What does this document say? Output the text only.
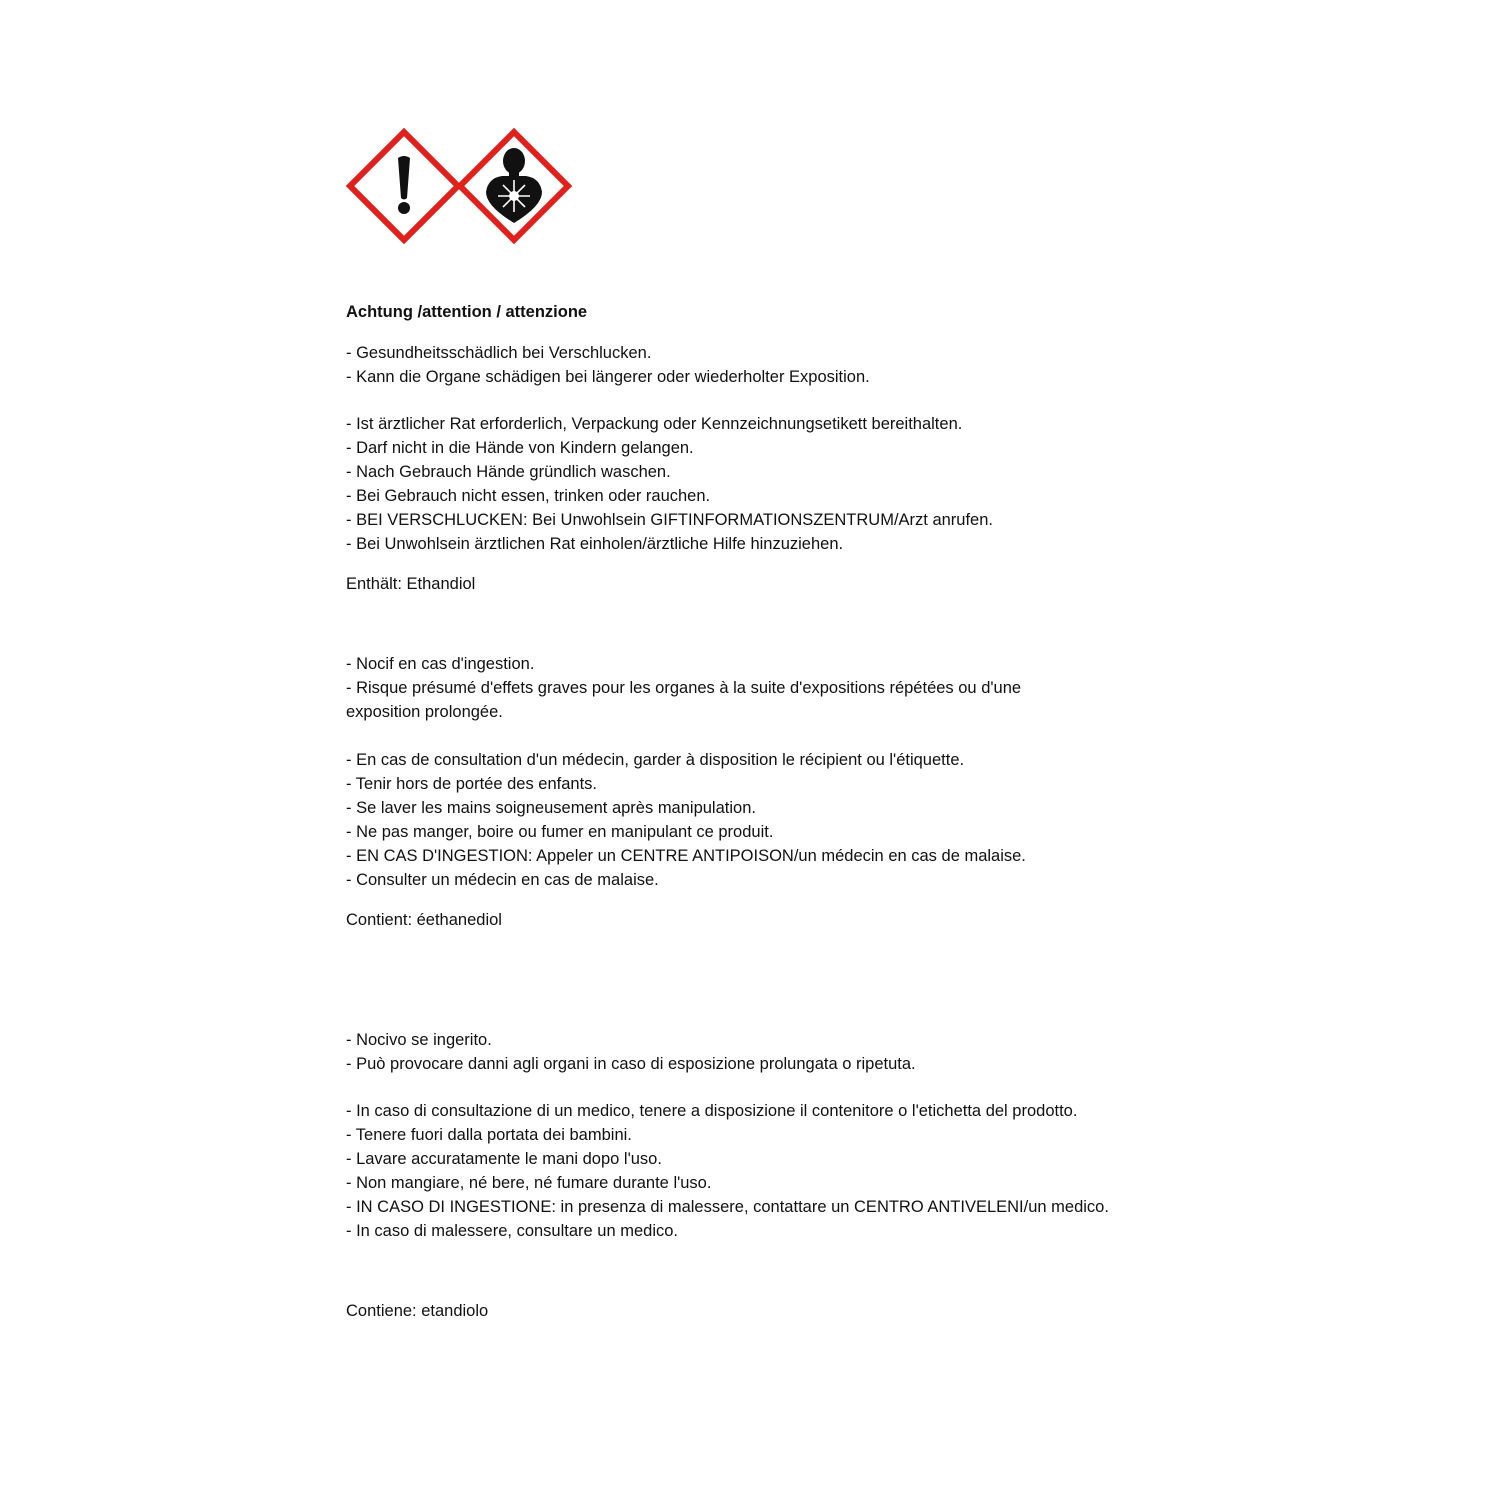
Achtung /attention / attenzione

- Gesundheitsschädlich bei Verschlucken.

- Kann die Organe schädigen bei längerer oder wiederholter Exposition.

- Ist ärztlicher Rat erforderlich, Verpackung oder Kennzeichnungsetikett bereithalten.

- Darf nicht in die Hände von Kindern gelangen.

- Nach Gebrauch Hände gründlich waschen.

- Bei Gebrauch nicht essen, trinken oder rauchen.

- BEI VERSCHLUCKEN: Bei Unwohlsein GIFTINFORMATIONSZENTRUM/Arzt anrufen.

- Bei Unwohlsein ärztlichen Rat einholen/ärztliche Hilfe hinzuziehen.

Enthält: Ethandiol

- Nocif en cas d'ingestion.

- Risque présumé d'effets graves pour les organes à la suite d'expositions répétées ou d'une

exposition prolongée.

- En cas de consultation d'un médecin, garder à disposition le récipient ou l'étiquette.

- Tenir hors de portée des enfants.

- Se laver les mains soigneusement après manipulation.

- Ne pas manger, boire ou fumer en manipulant ce produit.

- EN CAS D'INGESTION: Appeler un CENTRE ANTIPOISON/un médecin en cas de malaise.

- Consulter un médecin en cas de malaise.

Contient: éethanediol

- Nocivo se ingerito.

- Può provocare danni agli organi in caso di esposizione prolungata o ripetuta.

- In caso di consultazione di un medico, tenere a disposizione il contenitore o l'etichetta del prodotto.

- Tenere fuori dalla portata dei bambini.

- Lavare accuratamente le mani dopo l'uso.

- Non mangiare, né bere, né fumare durante l'uso.

- IN CASO DI INGESTIONE: in presenza di malessere, contattare un CENTRO ANTIVELENI/un medico.

- In caso di malessere, consultare un medico.

Contiene: etandiolo
